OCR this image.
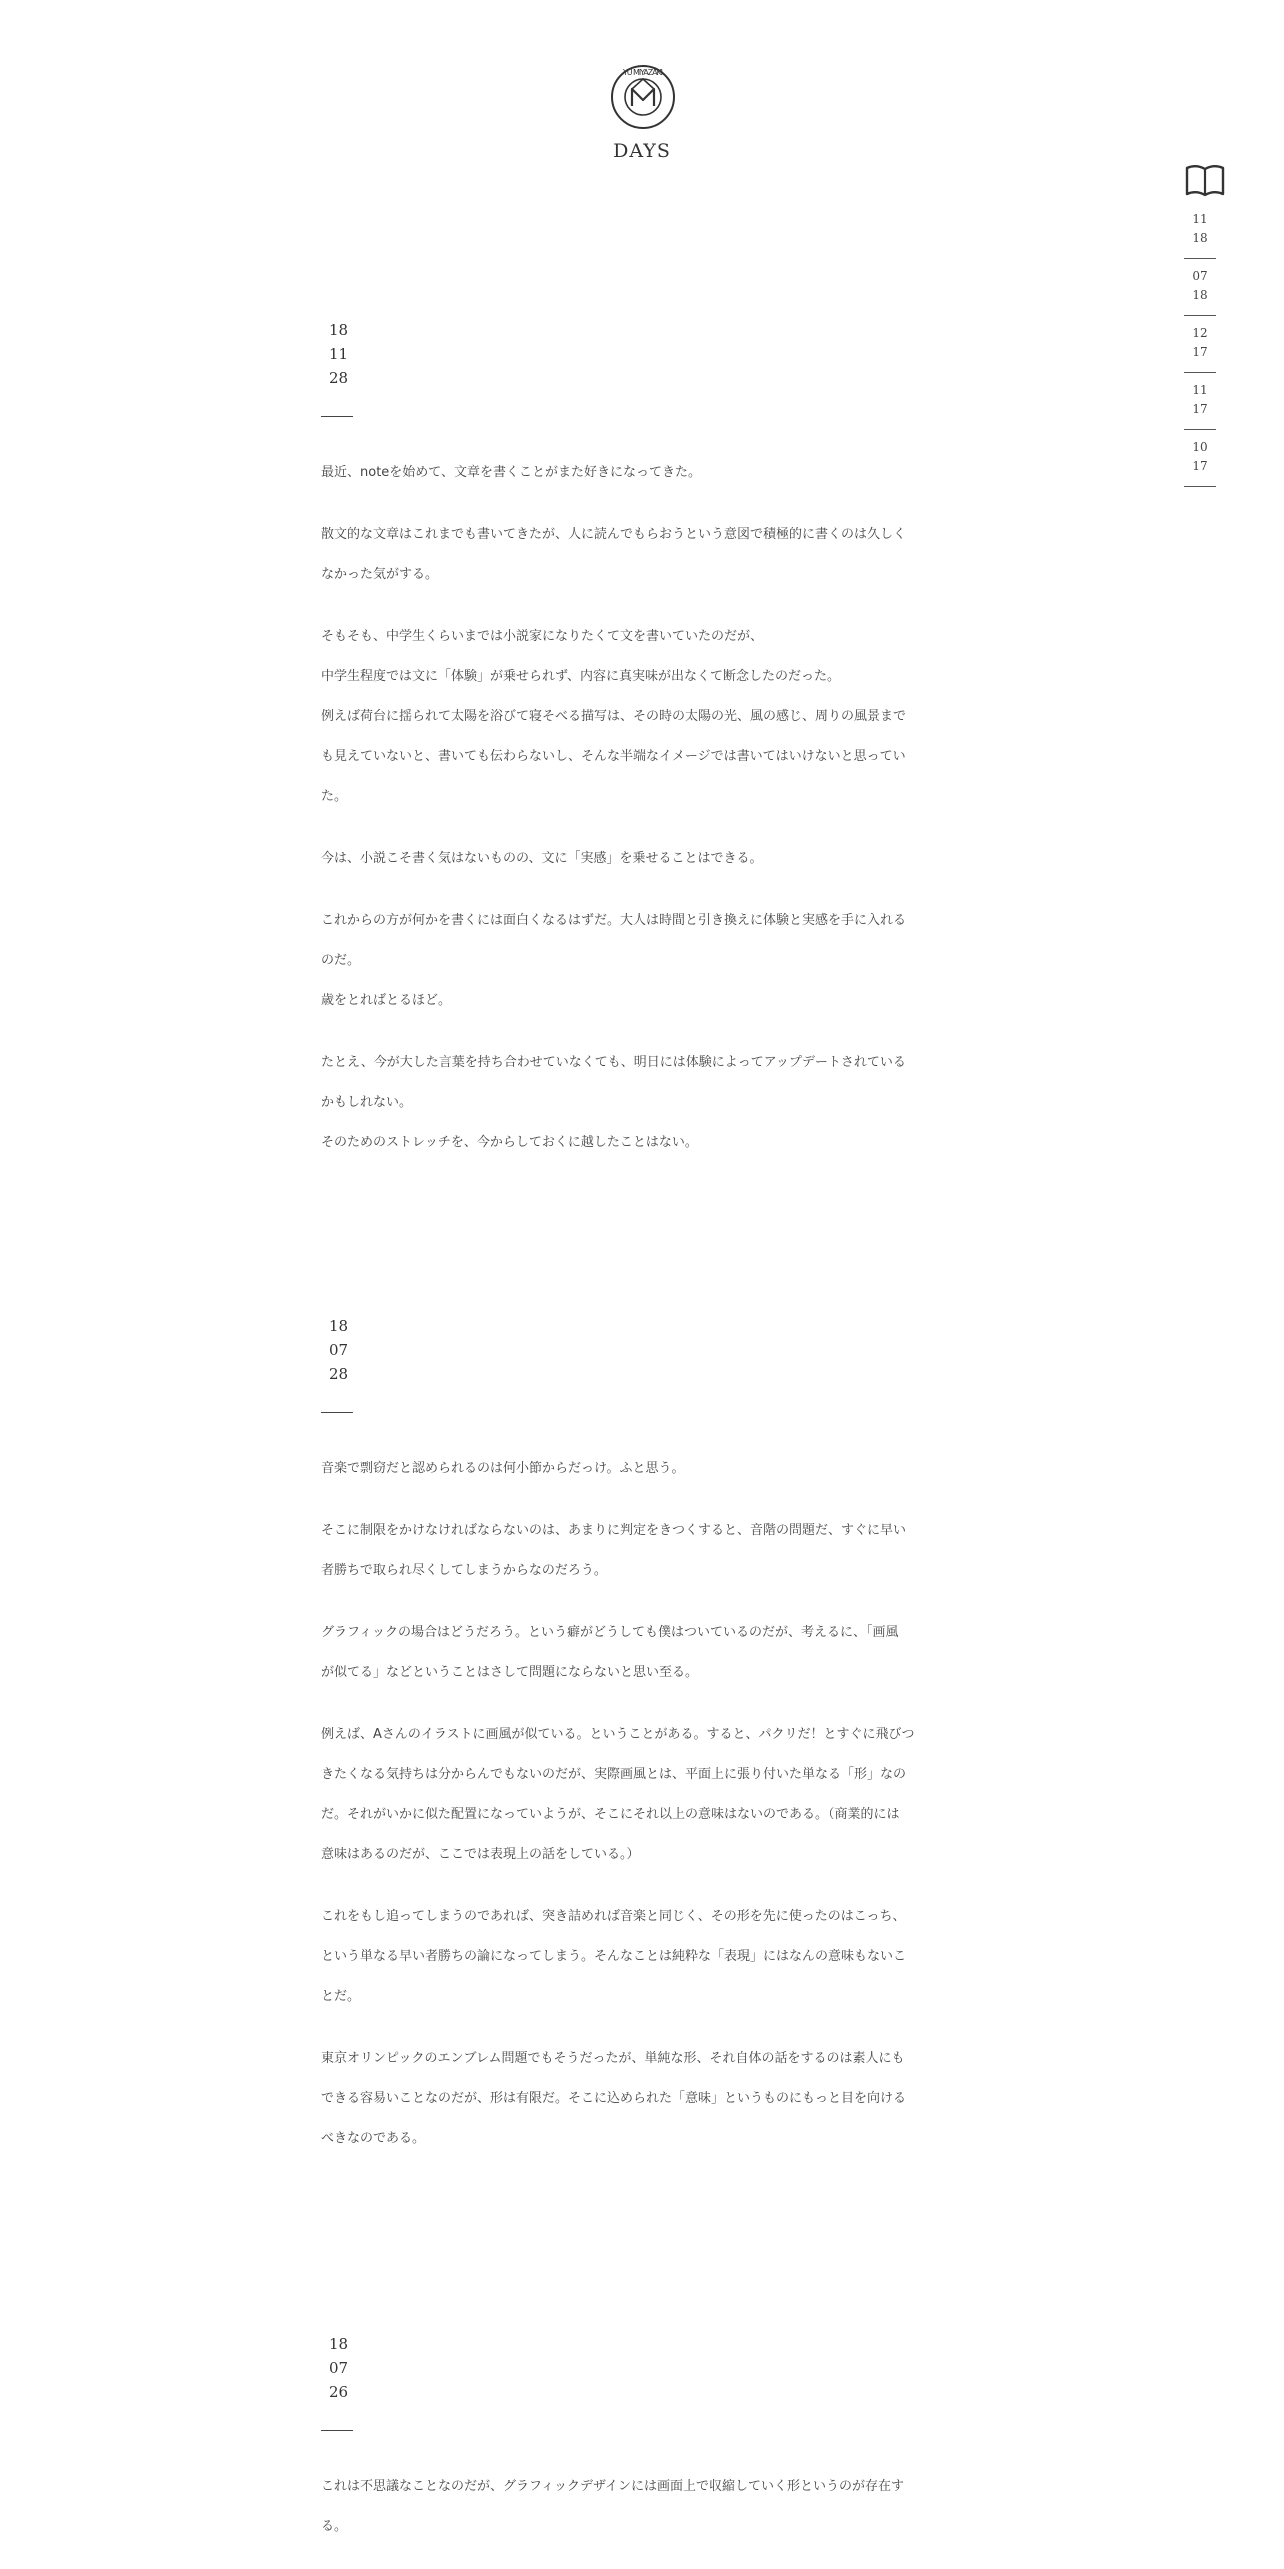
YU MIYAZAKI
DAYS
11
18
07
18
12
17
11
17
10
17
18
11
28

最近、noteを始めて、文章を書くことがまた好きになってきた。

散文的な文章はこれまでも書いてきたが、人に読んでもらおうという意図で積極的に書くのは久しく
なかった気がする。

そもそも、中学生くらいまでは小説家になりたくて文を書いていたのだが、
中学生程度では文に「体験」が乗せられず、内容に真実味が出なくて断念したのだった。
例えば荷台に揺られて太陽を浴びて寝そべる描写は、その時の太陽の光、風の感じ、周りの風景まで
も見えていないと、書いても伝わらないし、そんな半端なイメージでは書いてはいけないと思ってい
た。

今は、小説こそ書く気はないものの、文に「実感」を乗せることはできる。

これからの方が何かを書くには面白くなるはずだ。大人は時間と引き換えに体験と実感を手に入れる
のだ。
歳をとればとるほど。

たとえ、今が大した言葉を持ち合わせていなくても、明日には体験によってアップデートされている
かもしれない。
そのためのストレッチを、今からしておくに越したことはない。

18
07
28

音楽で剽窃だと認められるのは何小節からだっけ。ふと思う。

そこに制限をかけなければならないのは、あまりに判定をきつくすると、音階の問題だ、すぐに早い
者勝ちで取られ尽くしてしまうからなのだろう。

グラフィックの場合はどうだろう。という癖がどうしても僕はついているのだが、考えるに、「画風
が似てる」などということはさして問題にならないと思い至る。

例えば、Aさんのイラストに画風が似ている。ということがある。すると、パクリだ！とすぐに飛びつ
きたくなる気持ちは分からんでもないのだが、実際画風とは、平面上に張り付いた単なる「形」なの
だ。それがいかに似た配置になっていようが、そこにそれ以上の意味はないのである。（商業的には
意味はあるのだが、ここでは表現上の話をしている。）

これをもし追ってしまうのであれば、突き詰めれば音楽と同じく、その形を先に使ったのはこっち、
という単なる早い者勝ちの論になってしまう。そんなことは純粋な「表現」にはなんの意味もないこ
とだ。

東京オリンピックのエンブレム問題でもそうだったが、単純な形、それ自体の話をするのは素人にも
できる容易いことなのだが、形は有限だ。そこに込められた「意味」というものにもっと目を向ける
べきなのである。

18
07
26

これは不思議なことなのだが、グラフィックデザインには画面上で収縮していく形というのが存在す
る。
